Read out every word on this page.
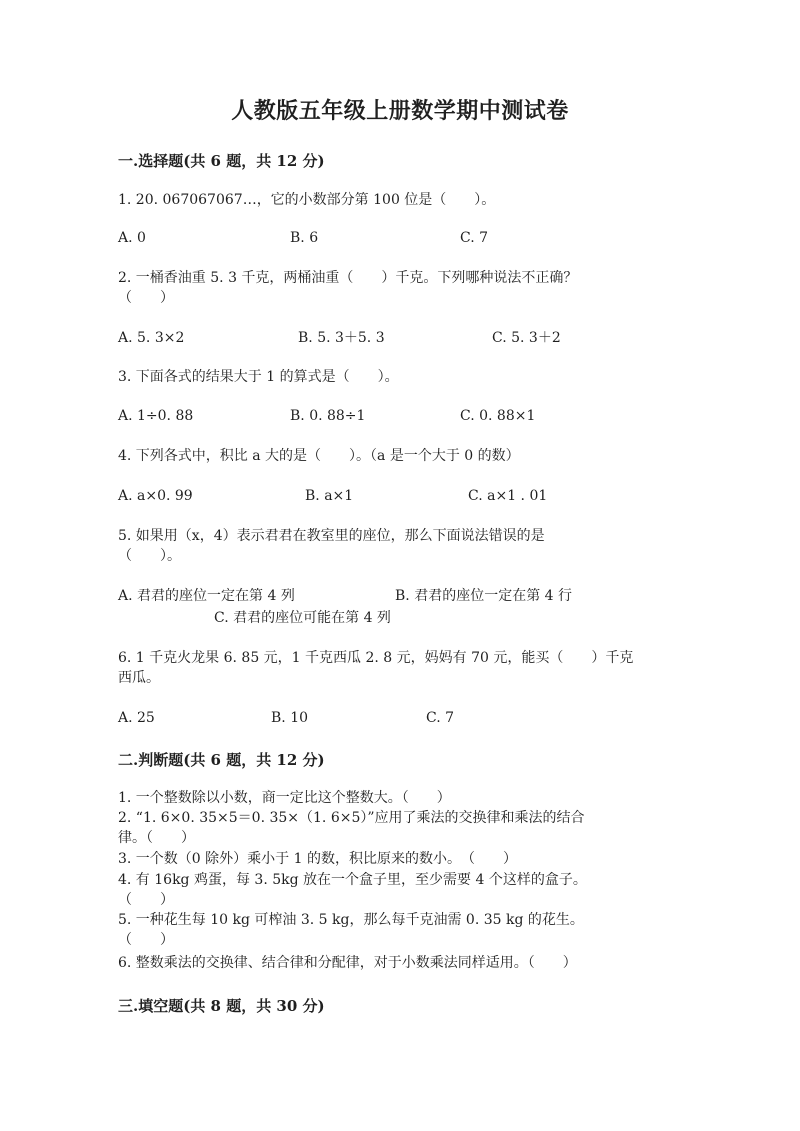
人教版五年级上册数学期中测试卷
一.选择题(共 6 题，共 12 分)
1. 20. 067067067…，它的小数部分第 100 位是（　　）。
A. 0	B. 6	C. 7
2. 一桶香油重 5. 3 千克，两桶油重（　　）千克。下列哪种说法不正确？
（　　）
A. 5. 3×2	B. 5. 3＋5. 3	C. 5. 3＋2
3. 下面各式的结果大于 1 的算式是（　　）。
A. 1÷0. 88	B. 0. 88÷1	C. 0. 88×1
4. 下列各式中，积比 a 大的是（　　）。（a 是一个大于 0 的数）
A. a×0. 99	B. a×1	C. a×1 . 01
5. 如果用（x，4）表示君君在教室里的座位，那么下面说法错误的是
（　　）。
A. 君君的座位一定在第 4 列	B. 君君的座位一定在第 4 行
C. 君君的座位可能在第 4 列
6. 1 千克火龙果 6. 85 元，1 千克西瓜 2. 8 元，妈妈有 70 元，能买（　　）千克
西瓜。
A. 25	B. 10	C. 7
二.判断题(共 6 题，共 12 分)
1. 一个整数除以小数，商一定比这个整数大。（　　）
2. “1. 6×0. 35×5＝0. 35×（1. 6×5）”应用了乘法的交换律和乘法的结合
律。（　　）
3. 一个数（0 除外）乘小于 1 的数，积比原来的数小。　（　　）
4. 有 16kg 鸡蛋，每 3. 5kg 放在一个盒子里，至少需要 4 个这样的盒子。
（　　）
5. 一种花生每 10 kg 可榨油 3. 5 kg，那么每千克油需 0. 35 kg 的花生。
（　　）
6. 整数乘法的交换律、结合律和分配律，对于小数乘法同样适用。（　　）
三.填空题(共 8 题，共 30 分)
